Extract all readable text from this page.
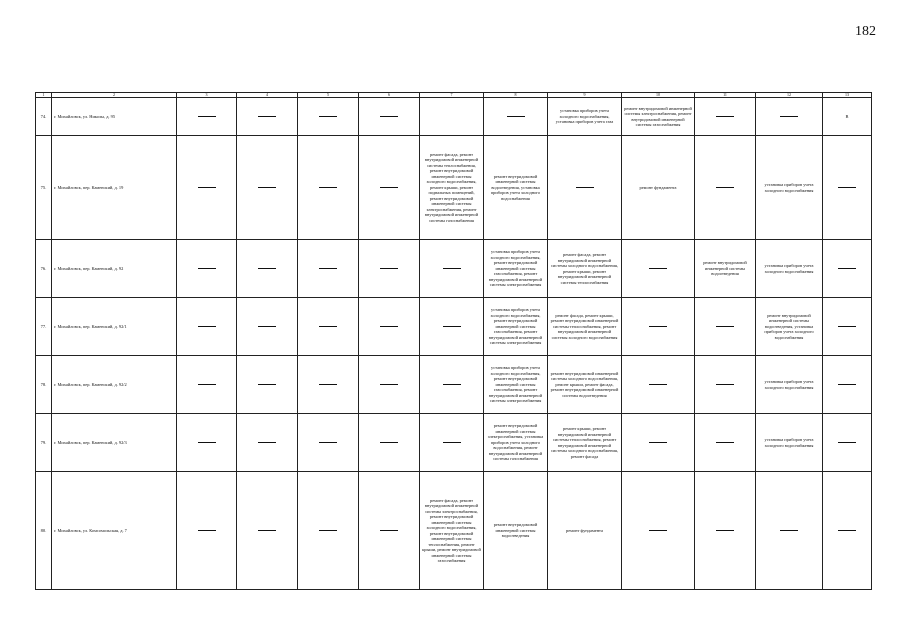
182
1	2	3	4	5	6	7	8	9	10	11	12	13
74.	г. Михайловск, ул. Николы, д. 95							установка приборов учета холодного водоснабжения, установка приборов учета газа	ремонт внутридомовой инженерной системы электроснабжения, ремонт внутридомовой инженерной системы газоснабжения			В
75.	г. Михайловск, пер. Каменский, д. 19					ремонт фасада, ремонт внутридомовой инженерной системы теплоснабжения, ремонт внутридомовой инженерной системы холодного водоснабжения, ремонт крыши, ремонт подвальных помещений, ремонт внутридомовой инженерной системы электроснабжения, ремонт внутридомовой инженерной системы газоснабжения	ремонт внутридомовой инженерной системы водоотведения, установка приборов учета холодного водоснабжения		ремонт фундамента		установка приборов учета холодного водоснабжения	
76.	г. Михайловск, пер. Каменский, д. 92						установка приборов учета холодного водоснабжения, ремонт внутридомовой инженерной системы газоснабжения, ремонт внутридомовой инженерной системы электроснабжения	ремонт фасада, ремонт внутридомовой инженерной системы холодного водоснабжения, ремонт крыши, ремонт внутридомовой инженерной системы теплоснабжения		ремонт внутридомовой инженерной системы водоотведения	установка приборов учета холодного водоснабжения	
77.	г. Михайловск, пер. Каменский, д. 92/1						установка приборов учета холодного водоснабжения, ремонт внутридомовой инженерной системы газоснабжения, ремонт внутридомовой инженерной системы электроснабжения	ремонт фасада, ремонт крыши, ремонт внутридомовой инженерной системы теплоснабжения, ремонт внутридомовой инженерной системы холодного водоснабжения			ремонт внутридомовой инженерной системы водоотведения, установка приборов учета холодного водоснабжения	
78.	г. Михайловск, пер. Каменский, д. 92/2						установка приборов учета холодного водоснабжения, ремонт внутридомовой инженерной системы газоснабжения, ремонт внутридомовой инженерной системы электроснабжения	ремонт внутридомовой инженерной системы холодного водоснабжения, ремонт крыши, ремонт фасада, ремонт внутридомовой инженерной системы водоотведения			установка приборов учета холодного водоснабжения	
79.	г. Михайловск, пер. Каменский, д. 92/3						ремонт внутридомовой инженерной системы электроснабжения, установка приборов учета холодного водоснабжения, ремонт внутридомовой инженерной системы газоснабжения	ремонт крыши, ремонт внутридомовой инженерной системы теплоснабжения, ремонт внутридомовой инженерной системы холодного водоснабжения, ремонт фасада			установка приборов учета холодного водоснабжения	
80.	г. Михайловск, ул. Комсомольская, д. 7					ремонт фасада, ремонт внутридомовой инженерной системы электроснабжения, ремонт внутридомовой инженерной системы холодного водоснабжения, ремонт внутридомовой инженерной системы теплоснабжения, ремонт крыши, ремонт внутридомовой инженерной системы газоснабжения	ремонт внутридомовой инженерной системы водоотведения	ремонт фундамента				
